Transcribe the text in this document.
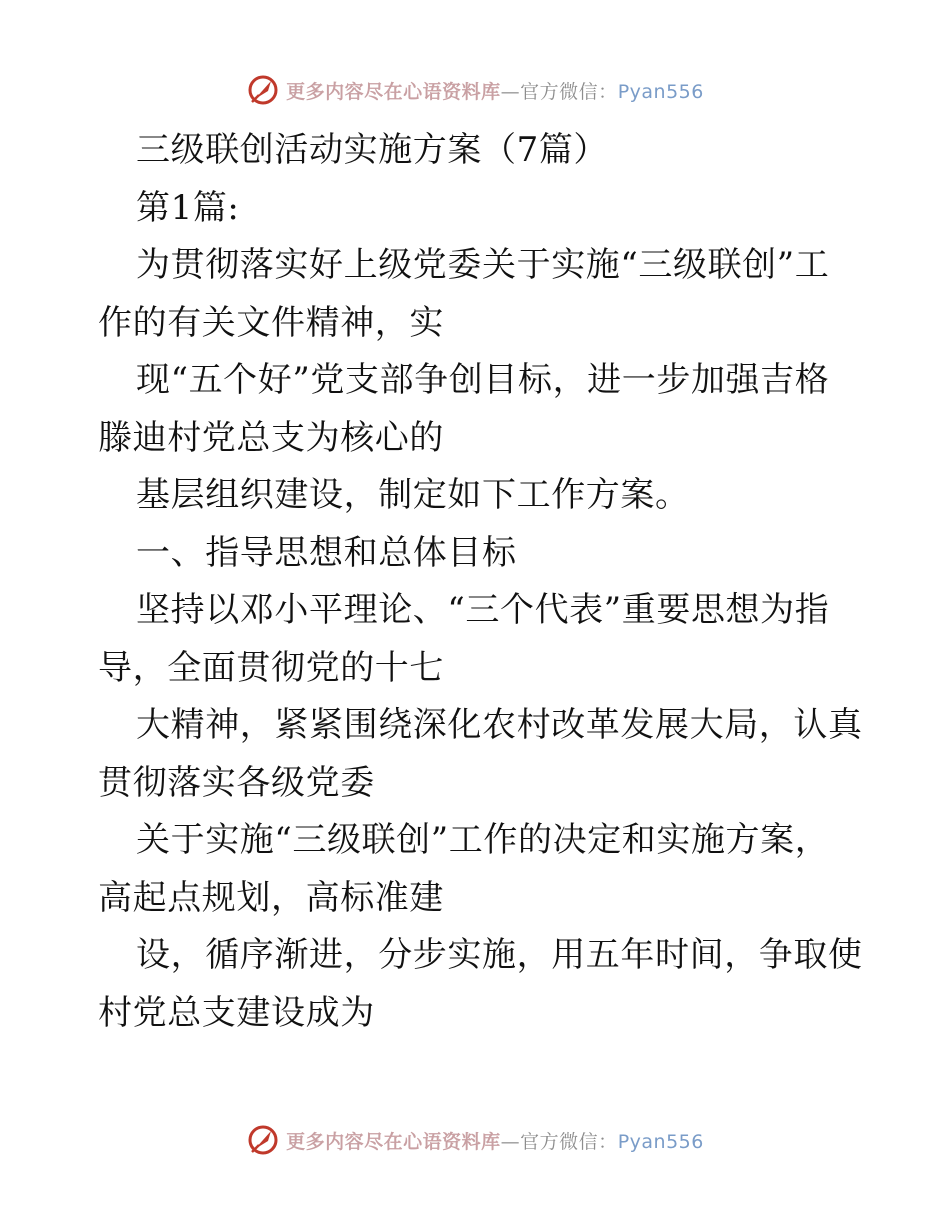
更多内容尽在心语资料库—官方微信：Pyan556
三级联创活动实施方案（7篇）
第1篇:
为贯彻落实好上级党委关于实施“三级联创”工
作的有关文件精神，实
现“五个好”党支部争创目标，进一步加强吉格
滕迪村党总支为核心的
基层组织建设，制定如下工作方案。
一、指导思想和总体目标
坚持以邓小平理论、“三个代表”重要思想为指
导，全面贯彻党的十七
大精神，紧紧围绕深化农村改革发展大局，认真
贯彻落实各级党委
关于实施“三级联创”工作的决定和实施方案，
高起点规划，高标准建
设，循序渐进，分步实施，用五年时间，争取使
村党总支建设成为
更多内容尽在心语资料库—官方微信：Pyan556
